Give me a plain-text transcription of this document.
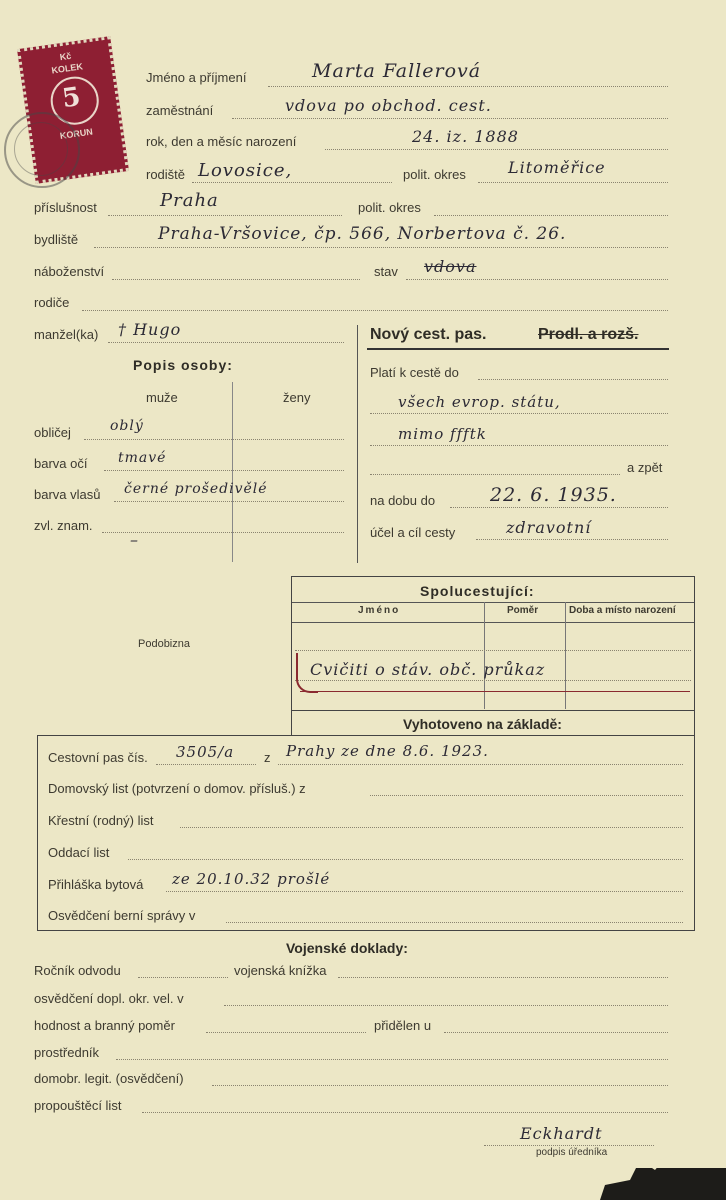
Kč
KOLEK
5
KORUN
Jméno a příjmení	Marta Fallerová
zaměstnání	vdova po obchod. cest.
rok, den a měsíc narození	24. iz. 1888
rodiště Lovosice,	polit. okres	Litoměřice
příslušnost	Praha	polit. okres
bydliště	Praha-Vršovice, čp. 566, Norbertova č. 26.
náboženství	stav vdova
rodiče
manžel(ka) † Hugo
Popis osoby:
muže	ženy
obličej	oblý
barva očí tmavé
barva vlasů černé prošedivělé
zvl. znam.
–
Nový cest. pas.	Prodl. a rozš.
Platí k cestě do
všech evrop. státu,
mimo ffftk
a zpět
na dobu do	22. 6. 1935.
účel a cíl cesty	zdravotní
Podobizna
Spolucestující:
Jméno	Poměr	Doba a místo narození
Cvičiti o stáv. obč. průkaz
Vyhotoveno na základě:
Cestovní pas čís. 3505/a z Prahy ze dne 8.6. 1923.
Domovský list (potvrzení o domov. přísluš.) z
Křestní (rodný) list
Oddací list
Přihláška bytová ze 20.10.32 prošlé
Osvědčení berní správy v
Vojenské doklady:
Ročník odvodu	vojenská knížka
osvědčení dopl. okr. vel. v
hodnost a branný poměr	přidělen u
prostředník
domobr. legit. (osvědčení)
propouštěcí list
Eckhardt
podpis úředníka
